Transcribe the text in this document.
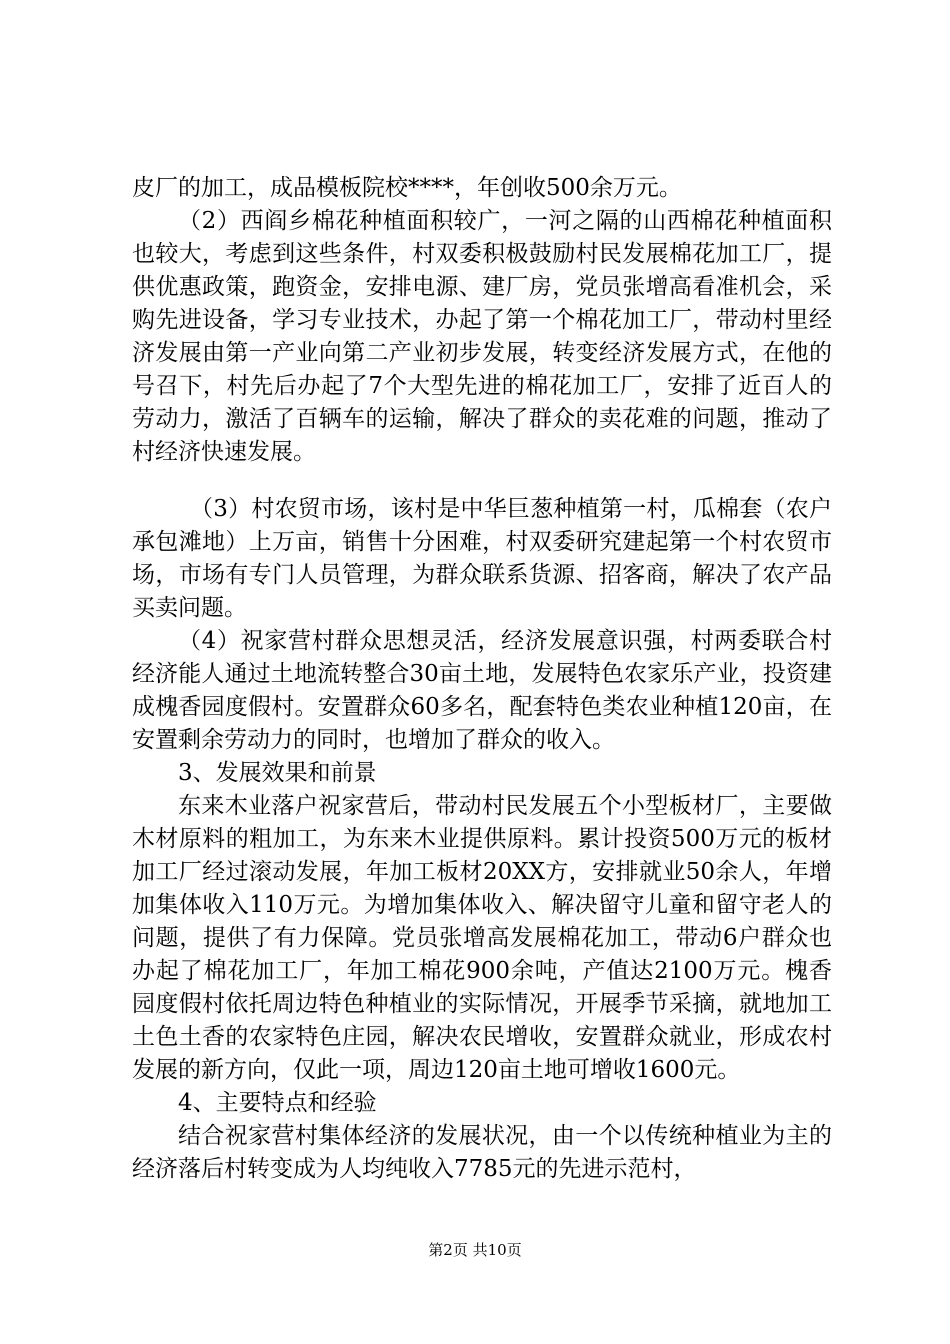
皮厂的加工，成品模板院校****，年创收500余万元。

（2）西阎乡棉花种植面积较广，一河之隔的山西棉花种植面积也较大，考虑到这些条件，村双委积极鼓励村民发展棉花加工厂，提供优惠政策，跑资金，安排电源、建厂房，党员张增高看准机会，采购先进设备，学习专业技术，办起了第一个棉花加工厂，带动村里经济发展由第一产业向第二产业初步发展，转变经济发展方式，在他的号召下，村先后办起了7个大型先进的棉花加工厂，安排了近百人的劳动力，激活了百辆车的运输，解决了群众的卖花难的问题，推动了村经济快速发展。

（3）村农贸市场，该村是中华巨葱种植第一村，瓜棉套（农户承包滩地）上万亩，销售十分困难，村双委研究建起第一个村农贸市场，市场有专门人员管理，为群众联系货源、招客商，解决了农产品买卖问题。

（4）祝家营村群众思想灵活，经济发展意识强，村两委联合村经济能人通过土地流转整合30亩土地，发展特色农家乐产业，投资建成槐香园度假村。安置群众60多名，配套特色类农业种植120亩，在安置剩余劳动力的同时，也增加了群众的收入。

3、发展效果和前景

东来木业落户祝家营后，带动村民发展五个小型板材厂，主要做木材原料的粗加工，为东来木业提供原料。累计投资500万元的板材加工厂经过滚动发展，年加工板材20XX方，安排就业50余人，年增加集体收入110万元。为增加集体收入、解决留守儿童和留守老人的问题，提供了有力保障。党员张增高发展棉花加工，带动6户群众也办起了棉花加工厂，年加工棉花900余吨，产值达2100万元。槐香园度假村依托周边特色种植业的实际情况，开展季节采摘，就地加工土色土香的农家特色庄园，解决农民增收，安置群众就业，形成农村发展的新方向，仅此一项，周边120亩土地可增收1600元。

4、主要特点和经验

结合祝家营村集体经济的发展状况，由一个以传统种植业为主的经济落后村转变成为人均纯收入7785元的先进示范村，

第2页 共10页
